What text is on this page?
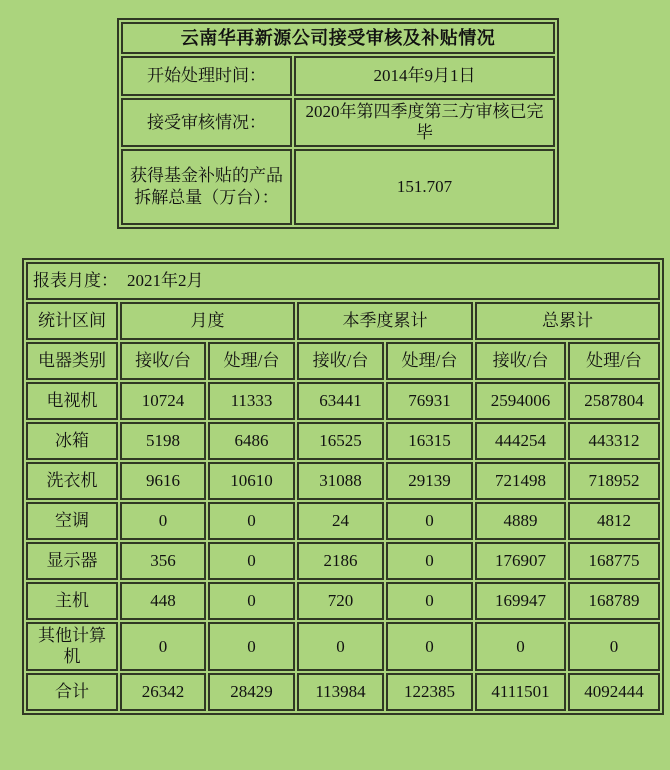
云南华再新源公司接受审核及补贴情况	
开始处理时间：	2014年9月1日
接受审核情况：	2020年第四季度第三方审核已完毕
获得基金补贴的产品拆解总量（万台）：	151.707
报表月度： 2021年2月						
统计区间	月度		本季度累计		总累计	
电器类别	接收/台	处理/台	接收/台	处理/台	接收/台	处理/台
电视机	10724	11333	63441	76931	2594006	2587804
冰箱	5198	6486	16525	16315	444254	443312
洗衣机	9616	10610	31088	29139	721498	718952
空调	0	0	24	0	4889	4812
显示器	356	0	2186	0	176907	168775
主机	448	0	720	0	169947	168789
其他计算机	0	0	0	0	0	0
合计	26342	28429	113984	122385	4111501	4092444
